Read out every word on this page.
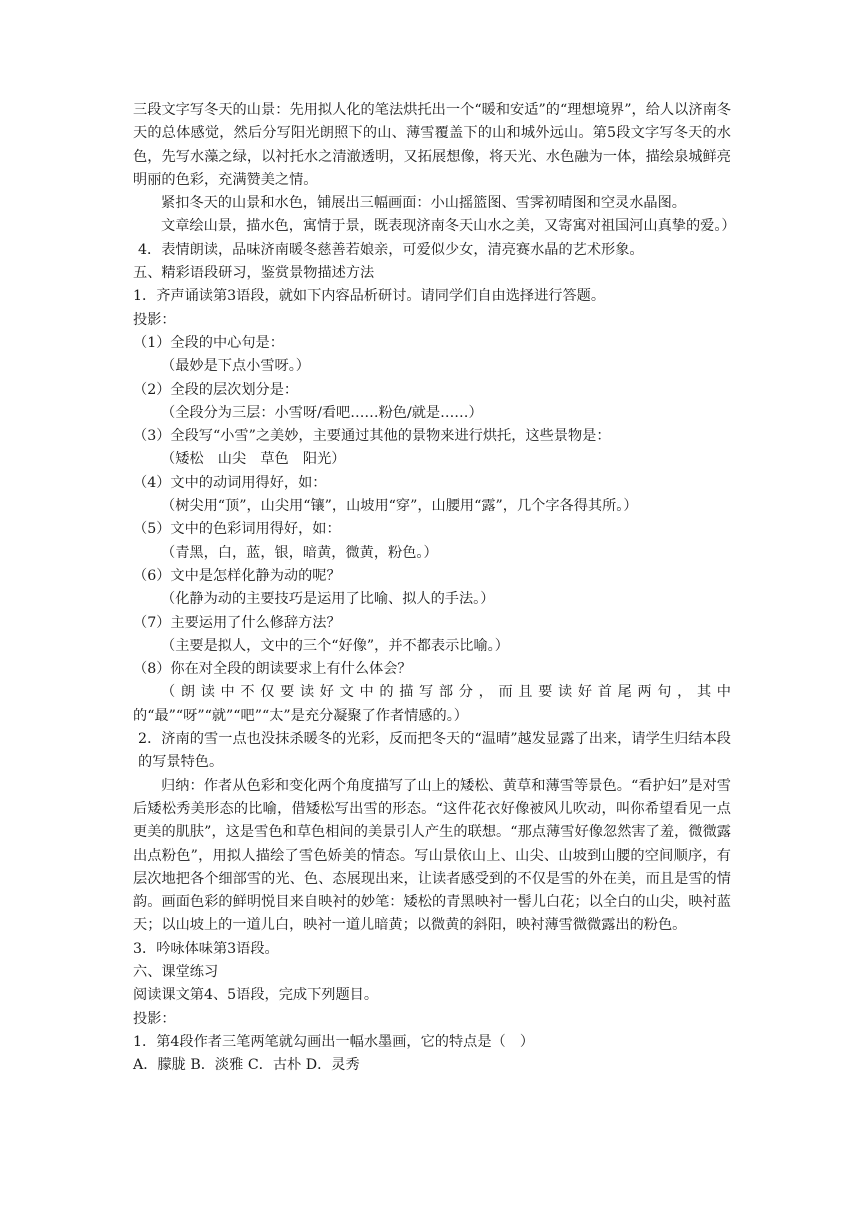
三段文字写冬天的山景：先用拟人化的笔法烘托出一个“暖和安适”的“理想境界”，给人以济南冬天的总体感觉，然后分写阳光朗照下的山、薄雪覆盖下的山和城外远山。第5段文字写冬天的水色，先写水藻之绿，以衬托水之清澈透明，又拓展想像，将天光、水色融为一体，描绘泉城鲜亮明丽的色彩，充满赞美之情。

紧扣冬天的山景和水色，铺展出三幅画面：小山摇篮图、雪霁初晴图和空灵水晶图。

文章绘山景，描水色，寓情于景，既表现济南冬天山水之美，又寄寓对祖国河山真挚的爱。）

4．表情朗读，品味济南暖冬慈善若娘亲，可爱似少女，清亮赛水晶的艺术形象。

五、精彩语段研习，鉴赏景物描述方法

1．齐声诵读第3语段，就如下内容品析研讨。请同学们自由选择进行答题。

投影：

（1）全段的中心句是：

（最妙是下点小雪呀。）

（2）全段的层次划分是：

（全段分为三层：小雪呀/看吧……粉色/就是……）

（3）全段写“小雪”之美妙，主要通过其他的景物来进行烘托，这些景物是：

（矮松　山尖　草色　阳光）

（4）文中的动词用得好，如：

（树尖用“顶”，山尖用“镶”，山坡用“穿”，山腰用“露”，几个字各得其所。）

（5）文中的色彩词用得好，如：

（青黑，白，蓝，银，暗黄，微黄，粉色。）

（6）文中是怎样化静为动的呢？

（化静为动的主要技巧是运用了比喻、拟人的手法。）

（7）主要运用了什么修辞方法？

（主要是拟人，文中的三个“好像”，并不都表示比喻。）

（8）你在对全段的朗读要求上有什么体会？

（朗读中不仅要读好文中的描写部分，而且要读好首尾两句，其中的“最”“呀”“就”“吧”“太”是充分凝聚了作者情感的。）

2．济南的雪一点也没抹杀暖冬的光彩，反而把冬天的“温晴”越发显露了出来，请学生归结本段的写景特色。

归纳：作者从色彩和变化两个角度描写了山上的矮松、黄草和薄雪等景色。“看护妇”是对雪后矮松秀美形态的比喻，借矮松写出雪的形态。“这件花衣好像被风儿吹动，叫你希望看见一点更美的肌肤”，这是雪色和草色相间的美景引人产生的联想。“那点薄雪好像忽然害了羞，微微露出点粉色”，用拟人描绘了雪色娇美的情态。写山景依山上、山尖、山坡到山腰的空间顺序，有层次地把各个细部雪的光、色、态展现出来，让读者感受到的不仅是雪的外在美，而且是雪的情韵。画面色彩的鲜明悦目来自映衬的妙笔：矮松的青黑映衬一髻儿白花；以全白的山尖，映衬蓝天；以山坡上的一道儿白，映衬一道儿暗黄；以微黄的斜阳，映衬薄雪微微露出的粉色。

3．吟咏体味第3语段。

六、课堂练习

阅读课文第4、5语段，完成下列题目。

投影：

1．第4段作者三笔两笔就勾画出一幅水墨画，它的特点是（　）

A．朦胧 B．淡雅 C．古朴 D．灵秀
